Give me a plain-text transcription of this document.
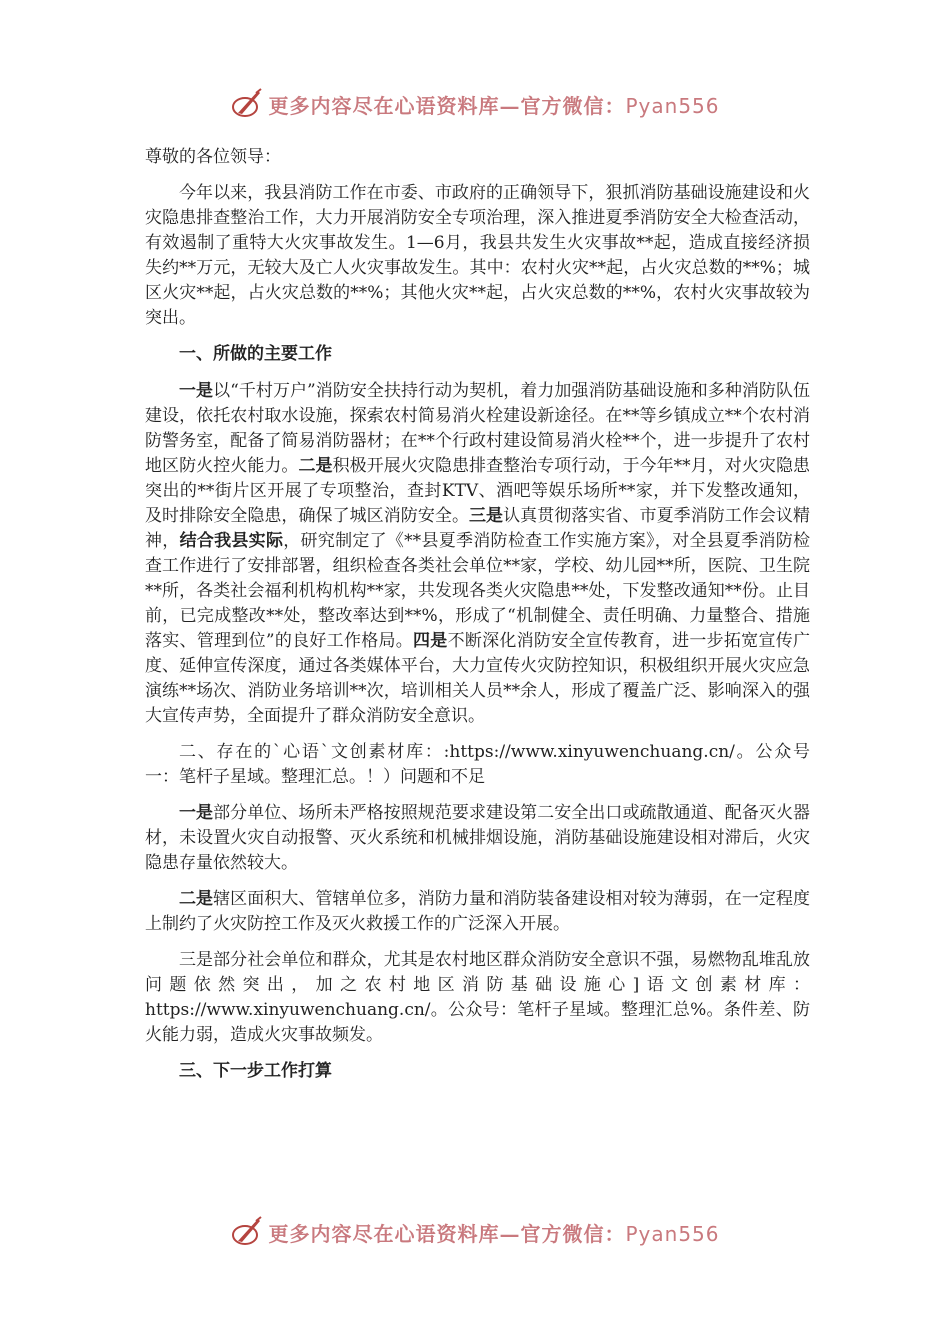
更多内容尽在心语资料库—官方微信：Pyan556

尊敬的各位领导：

今年以来，我县消防工作在市委、市政府的正确领导下，狠抓消防基础设施建设和火灾隐患排查整治工作，大力开展消防安全专项治理，深入推进夏季消防安全大检查活动，有效遏制了重特大火灾事故发生。1—6月，我县共发生火灾事故**起，造成直接经济损失约**万元，无较大及亡人火灾事故发生。其中：农村火灾**起，占火灾总数的**%；城区火灾**起，占火灾总数的**%；其他火灾**起，占火灾总数的**%，农村火灾事故较为突出。

一、所做的主要工作

一是以“千村万户”消防安全扶持行动为契机，着力加强消防基础设施和多种消防队伍建设，依托农村取水设施，探索农村简易消火栓建设新途径。在**等乡镇成立**个农村消防警务室，配备了简易消防器材；在**个行政村建设简易消火栓**个，进一步提升了农村地区防火控火能力。二是积极开展火灾隐患排查整治专项行动，于今年**月，对火灾隐患突出的**街片区开展了专项整治，查封KTV、酒吧等娱乐场所**家，并下发整改通知，及时排除安全隐患，确保了城区消防安全。三是认真贯彻落实省、市夏季消防工作会议精神，结合我县实际，研究制定了《**县夏季消防检查工作实施方案》，对全县夏季消防检查工作进行了安排部署，组织检查各类社会单位**家，学校、幼儿园**所，医院、卫生院**所，各类社会福利机构机构**家，共发现各类火灾隐患**处，下发整改通知**份。止目前，已完成整改**处，整改率达到**%，形成了“机制健全、责任明确、力量整合、措施落实、管理到位”的良好工作格局。四是不断深化消防安全宣传教育，进一步拓宽宣传广度、延伸宣传深度，通过各类媒体平台，大力宣传火灾防控知识，积极组织开展火灾应急演练**场次、消防业务培训**次，培训相关人员**余人，形成了覆盖广泛、影响深入的强大宣传声势，全面提升了群众消防安全意识。

二、存在的`心语`文创素材库：:https://www.xinyuwenchuang.cn/。公众号一：笔杆子星域。整理汇总。！）问题和不足

一是部分单位、场所未严格按照规范要求建设第二安全出口或疏散通道、配备灭火器材，未设置火灾自动报警、灭火系统和机械排烟设施，消防基础设施建设相对滞后，火灾隐患存量依然较大。

二是辖区面积大、管辖单位多，消防力量和消防装备建设相对较为薄弱，在一定程度上制约了火灾防控工作及灭火救援工作的广泛深入开展。

三是部分社会单位和群众，尤其是农村地区群众消防安全意识不强，易燃物乱堆乱放问题依然突出，加之农村地区消防基础设施心]语文创素材库：https://www.xinyuwenchuang.cn/。公众号：笔杆子星域。整理汇总%。条件差、防火能力弱，造成火灾事故频发。

三、下一步工作打算

更多内容尽在心语资料库—官方微信：Pyan556
